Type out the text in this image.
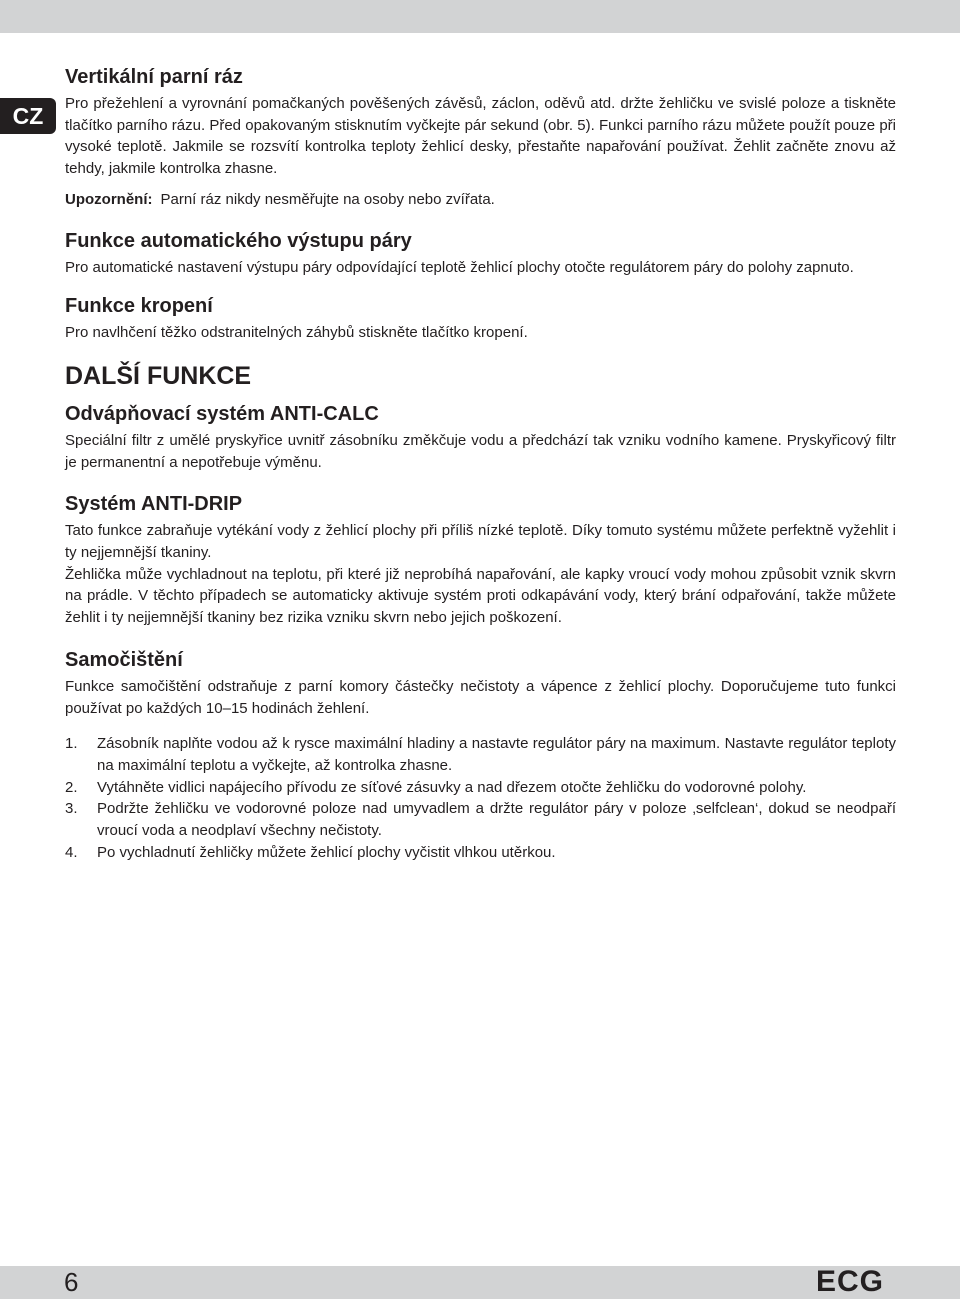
CZ
Vertikální parní ráz

Pro přežehlení a vyrovnání pomačkaných pověšených závěsů, záclon, oděvů atd. držte žehličku ve svislé poloze a tiskněte tlačítko parního rázu. Před opakovaným stisknutím vyčkejte pár sekund (obr. 5). Funkci parního rázu můžete použít pouze při vysoké teplotě. Jakmile se rozsvítí kontrolka teploty žehlicí desky, přestaňte napařování používat. Žehlit začněte znovu až tehdy, jakmile kontrolka zhasne.

Upozornění: Parní ráz nikdy nesměřujte na osoby nebo zvířata.
Funkce automatického výstupu páry

Pro automatické nastavení výstupu páry odpovídající teplotě žehlicí plochy otočte regulátorem páry do polohy zapnuto.

Funkce kropení

Pro navlhčení těžko odstranitelných záhybů stiskněte tlačítko kropení.

DALŠÍ FUNKCE
Odvápňovací systém ANTI-CALC

Speciální filtr z umělé pryskyřice uvnitř zásobníku změkčuje vodu a předchází tak vzniku vodního kamene. Pryskyřicový filtr je permanentní a nepotřebuje výměnu.

Systém ANTI-DRIP

Tato funkce zabraňuje vytékání vody z žehlicí plochy při příliš nízké teplotě. Díky tomuto systému můžete perfektně vyžehlit i ty nejjemnější tkaniny.

Žehlička může vychladnout na teplotu, při které již neprobíhá napařování, ale kapky vroucí vody mohou způsobit vznik skvrn na prádle. V těchto případech se automaticky aktivuje systém proti odkapávání vody, který brání odpařování, takže můžete žehlit i ty nejjemnější tkaniny bez rizika vzniku skvrn nebo jejich poškození.

Samočištění

Funkce samočištění odstraňuje z parní komory částečky nečistoty a vápence z žehlicí plochy. Doporučujeme tuto funkci používat po každých 10–15 hodinách žehlení.

1. Zásobník naplňte vodou až k rysce maximální hladiny a nastavte regulátor páry na maximum. Nastavte regulátor teploty na maximální teplotu a vyčkejte, až kontrolka zhasne.
2. Vytáhněte vidlici napájecího přívodu ze síťové zásuvky a nad dřezem otočte žehličku do vodorovné polohy.
3. Podržte žehličku ve vodorovné poloze nad umyvadlem a držte regulátor páry v poloze ‚selfclean‘, dokud se neodpaří vroucí voda a neodplaví všechny nečistoty.
4. Po vychladnutí žehličky můžete žehlicí plochy vyčistit vlhkou utěrkou.
6	ECG
